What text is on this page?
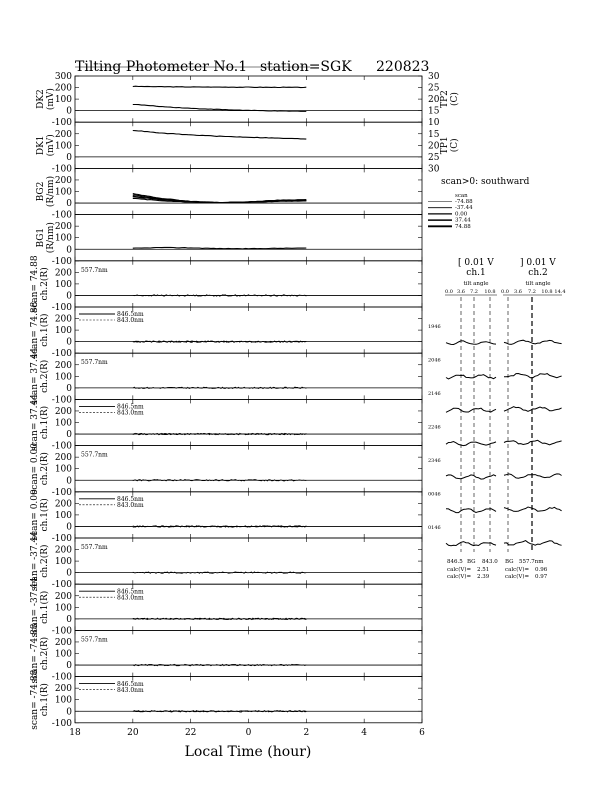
Tilting Photometer No.1 station=SGK 220823
300
200
100
0
-100
DK2(mV)
30
25
20
15
10
TP2(C)
200
100
0
-100
DK1(mV)	15
20
25
30
TP1(C)
200
100
0
-100
BG2(R/nm)
200
100
0
-100
BG1(R/nm)
200
100
0
-100
scan= 74.88ch.2(R)	557.7nm
200
100
0
-100
scan= 74.88ch.1(R)	846.5nm
843.0nm
200
100
0
-100
scan= 37.44ch.2(R)	557.7nm
200
100
0
-100
scan= 37.44ch.1(R)	846.5nm
843.0nm
200
100
0
-100
scan= 0.00ch.2(R)	557.7nm
200
100
0
-100
scan= 0.00ch.1(R)	846.5nm
843.0nm
200
100
0
-100
scan= -37.44ch.2(R)	557.7nm
200
100
0
-100
scan= -37.44ch.1(R)	846.5nm
843.0nm
200
100
0
-100
scan= -74.88ch.2(R)	557.7nm
200
100
0
-100
scan= -74.88ch.1(R)	846.5nm
843.0nm
18	20	22	0	2	4	6
Local Time (hour)
scan>0: southward
scan
-74.88
-37.44
0.00
37.44
74.88
[ 0.01 V	] 0.01 V
ch.1	ch.2
tilt angle	tilt angle
0.0 3.6 7.2 10.8 0.0 3.6 7.2 10.8 14.4
1946
2046
2146
2246
2346
0046
0146
846.5 BG 843.0 BG 557.7nm
calc(V)= 2.51
calc(V)= 2.39
calc(V)= 0.96
calc(V)= 0.97
